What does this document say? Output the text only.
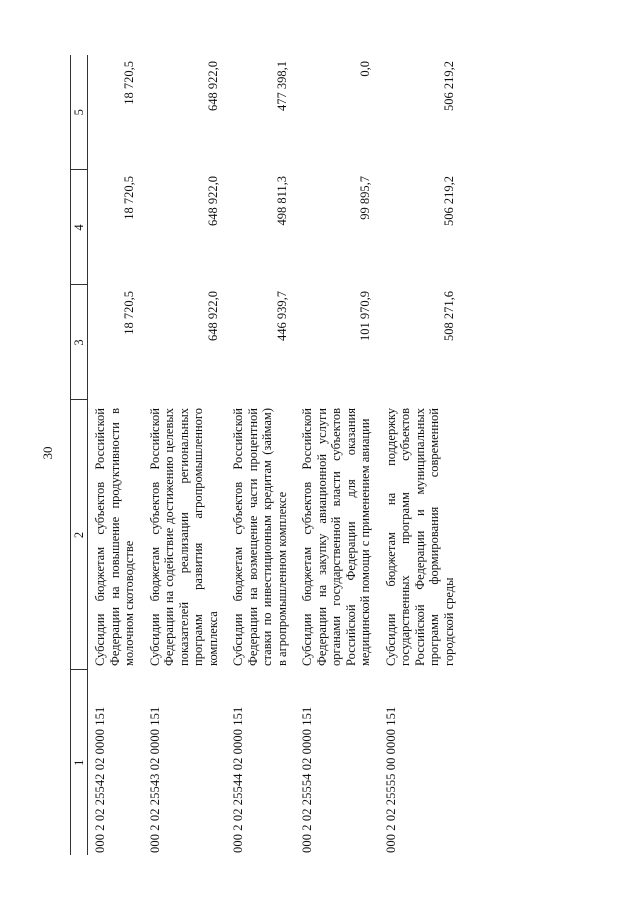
30
1	2	3	4	5
000 2 02 25542 02 0000 151	Субсидии бюджетам субъектов Российской Федерации на повышение продуктивности в молочном скотоводстве	18 720,5	18 720,5	18 720,5
000 2 02 25543 02 0000 151	Субсидии бюджетам субъектов Российской Федерации на содействие достижению целевых показателей реализации региональных программ развития агропромышленного комплекса	648 922,0	648 922,0	648 922,0
000 2 02 25544 02 0000 151	Субсидии бюджетам субъектов Российской Федерации на возмещение части процентной ставки по инвестиционным кредитам (займам) в агропромышленном комплексе	446 939,7	498 811,3	477 398,1
000 2 02 25554 02 0000 151	Субсидии бюджетам субъектов Российской Федерации на закупку авиационной услуги органами государственной власти субъектов Российской Федерации для оказания медицинской помощи с применением авиации	101 970,9	99 895,7	0,0
000 2 02 25555 00 0000 151	Субсидии бюджетам на поддержку государственных программ субъектов Российской Федерации и муниципальных программ формирования современной городской среды	508 271,6	506 219,2	506 219,2
